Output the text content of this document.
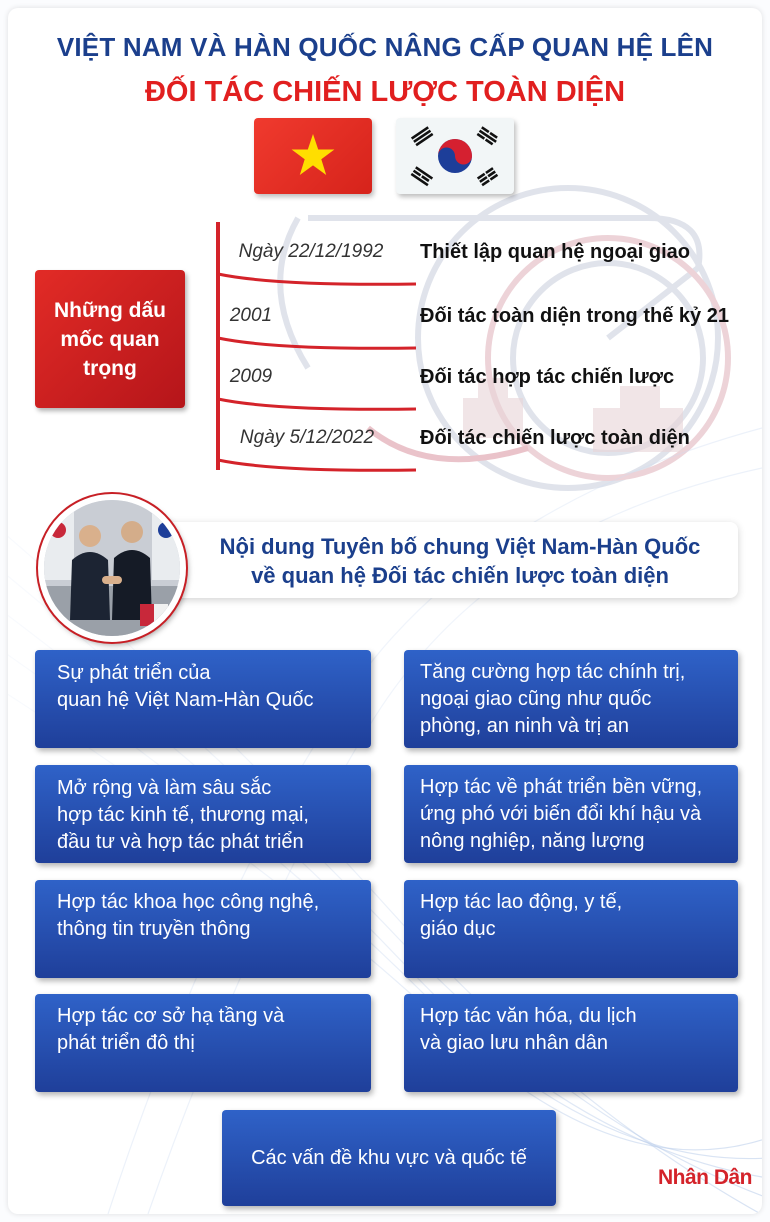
VIỆT NAM VÀ HÀN QUỐC NÂNG CẤP QUAN HỆ LÊN
ĐỐI TÁC CHIẾN LƯỢC TOÀN DIỆN
Những dấu mốc quan trọng
Ngày 22/12/1992	Thiết lập quan hệ ngoại giao
2001	Đối tác toàn diện trong thế kỷ 21
2009	Đối tác hợp tác chiến lược
Ngày 5/12/2022	Đối tác chiến lược toàn diện
Nội dung Tuyên bố chung Việt Nam-Hàn Quốc
về quan hệ Đối tác chiến lược toàn diện
Sự phát triển của
quan hệ Việt Nam-Hàn Quốc
Mở rộng và làm sâu sắc
hợp tác kinh tế, thương mại,
đầu tư và hợp tác phát triển
Hợp tác khoa học công nghệ,
thông tin truyền thông
Hợp tác cơ sở hạ tầng và
phát triển đô thị
Tăng cường hợp tác chính trị,
ngoại giao cũng như quốc
phòng, an ninh và trị an
Hợp tác về phát triển bền vững,
ứng phó với biến đổi khí hậu và
nông nghiệp, năng lượng
Hợp tác lao động, y tế,
giáo dục
Hợp tác văn hóa, du lịch
và giao lưu nhân dân
Các vấn đề khu vực và quốc tế
Nhân Dân
